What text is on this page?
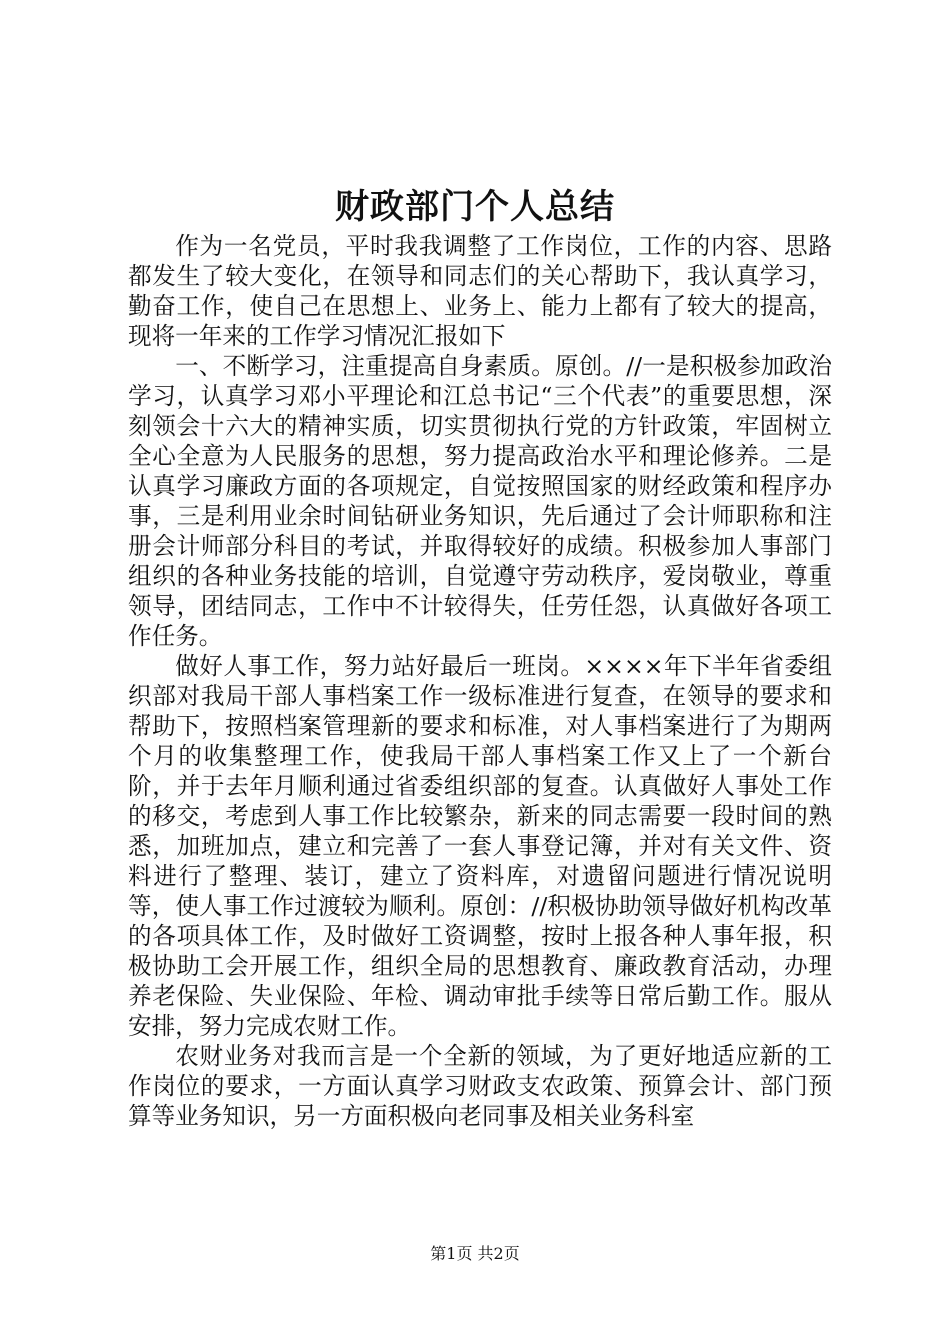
财政部门个人总结

作为一名党员，平时我我调整了工作岗位，工作的内容、思路都发生了较大变化，在领导和同志们的关心帮助下，我认真学习，勤奋工作，使自己在思想上、业务上、能力上都有了较大的提高，现将一年来的工作学习情况汇报如下

一、不断学习，注重提高自身素质。原创。//一是积极参加政治学习，认真学习邓小平理论和江总书记“三个代表”的重要思想，深刻领会十六大的精神实质，切实贯彻执行党的方针政策，牢固树立全心全意为人民服务的思想，努力提高政治水平和理论修养。二是认真学习廉政方面的各项规定，自觉按照国家的财经政策和程序办事，三是利用业余时间钻研业务知识，先后通过了会计师职称和注册会计师部分科目的考试，并取得较好的成绩。积极参加人事部门组织的各种业务技能的培训，自觉遵守劳动秩序，爱岗敬业，尊重领导，团结同志，工作中不计较得失，任劳任怨，认真做好各项工作任务。

做好人事工作，努力站好最后一班岗。××××年下半年省委组织部对我局干部人事档案工作一级标准进行复查，在领导的要求和帮助下，按照档案管理新的要求和标准，对人事档案进行了为期两个月的收集整理工作，使我局干部人事档案工作又上了一个新台阶，并于去年月顺利通过省委组织部的复查。认真做好人事处工作的移交，考虑到人事工作比较繁杂，新来的同志需要一段时间的熟悉，加班加点，建立和完善了一套人事登记簿，并对有关文件、资料进行了整理、装订，建立了资料库，对遗留问题进行情况说明等，使人事工作过渡较为顺利。原创：//积极协助领导做好机构改革的各项具体工作，及时做好工资调整，按时上报各种人事年报，积极协助工会开展工作，组织全局的思想教育、廉政教育活动，办理养老保险、失业保险、年检、调动审批手续等日常后勤工作。服从安排，努力完成农财工作。

农财业务对我而言是一个全新的领域，为了更好地适应新的工作岗位的要求，一方面认真学习财政支农政策、预算会计、部门预算等业务知识，另一方面积极向老同事及相关业务科室

第1页 共2页
